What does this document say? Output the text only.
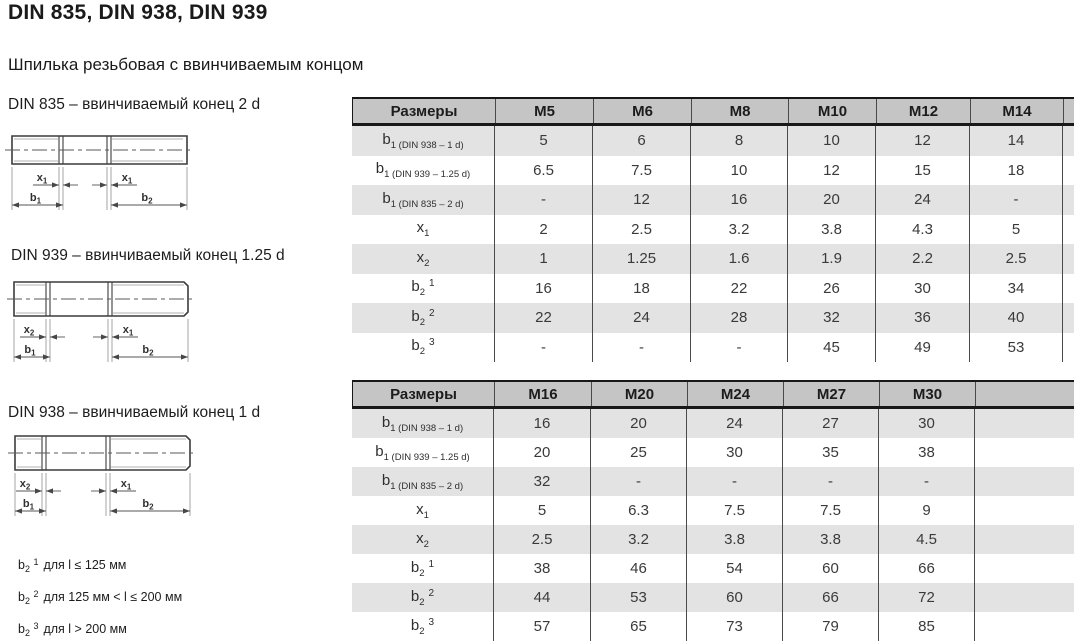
DIN 835, DIN 938, DIN 939
Шпилька резьбовая с ввинчиваемым концом
DIN 835 – ввинчиваемый конец 2 d
DIN 939 – ввинчиваемый конец 1.25 d
DIN 938 – ввинчиваемый конец 1 d
$b_2$ $^1$ для l ≤ 125 мм
$b_2$ $^2$ для 125 мм < l ≤ 200 мм
$b_2$ $^3$ для l > 200 мм
Размеры	M5	M6	M8	M10	M12	M14
$b_{1 (DIN 938 - 1 d)}$	5	6	8	10	12	14
$b_{1 (DIN 939 - 1.25 d)}$	6.5	7.5	10	12	15	18
$b_{1 (DIN 835 - 2 d)}$	-	12	16	20	24	-
$x_1$	2	2.5	3.2	3.8	4.3	5
$x_2$	1	1.25	1.6	1.9	2.2	2.5
$b_2^1$	16	18	22	26	30	34
$b_2^2$	22	24	28	32	36	40
$b_2^3$	-	-	-	45	49	53
Размеры	M16	M20	M24	M27	M30
$b_{1 (DIN 938 - 1 d)}$	16	20	24	27	30
$b_{1 (DIN 939 - 1.25 d)}$	20	25	30	35	38
$b_{1 (DIN 835 - 2 d)}$	32	-	-	-	-
$x_1$	5	6.3	7.5	7.5	9
$x_2$	2.5	3.2	3.8	3.8	4.5
$b_2^1$	38	46	54	60	66
$b_2^2$	44	53	60	66	72
$b_2^3$	57	65	73	79	85
$x_1$	$x_1$
$b_1$	$b_2$
$x_2$	$x_1$
$b_1$	$b_2$
$x_2$	$x_1$
$b_1$	$b_2$
